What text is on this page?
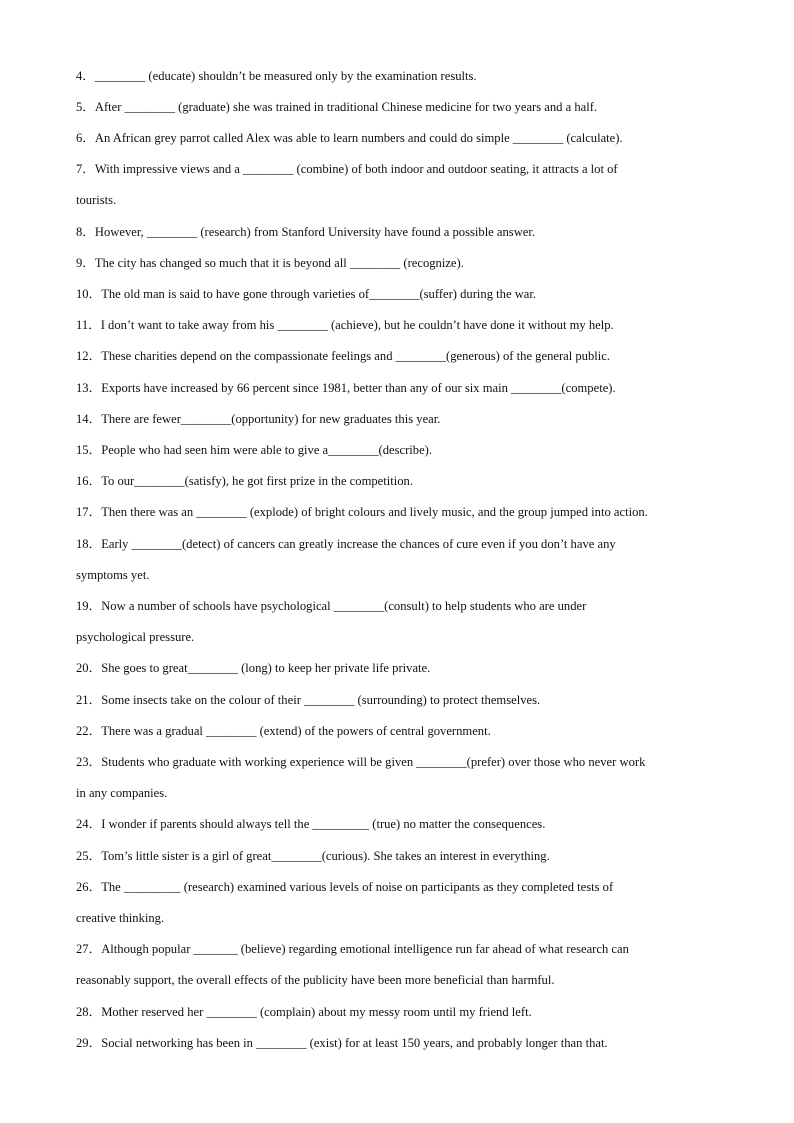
4．________ (educate) shouldn’t be measured only by the examination results.
5．After ________ (graduate) she was trained in traditional Chinese medicine for two years and a half.
6．An African grey parrot called Alex was able to learn numbers and could do simple ________ (calculate).
7．With impressive views and a ________ (combine) of both indoor and outdoor seating, it attracts a lot of
tourists.
8．However, ________ (research) from Stanford University have found a possible answer.
9．The city has changed so much that it is beyond all ________ (recognize).
10．The old man is said to have gone through varieties of________(suffer) during the war.
11．I don’t want to take away from his ________ (achieve), but he couldn’t have done it without my help.
12．These charities depend on the compassionate feelings and ________(generous) of the general public.
13．Exports have increased by 66 percent since 1981, better than any of our six main ________(compete).
14．There are fewer________(opportunity) for new graduates this year.
15．People who had seen him were able to give a________(describe).
16．To our________(satisfy), he got first prize in the competition.
17．Then there was an ________ (explode) of bright colours and lively music, and the group jumped into action.
18．Early ________(detect) of cancers can greatly increase the chances of cure even if you don’t have any
symptoms yet.
19．Now a number of schools have psychological ________(consult) to help students who are under
psychological pressure.
20．She goes to great________ (long) to keep her private life private.
21．Some insects take on the colour of their ________ (surrounding) to protect themselves.
22．There was a gradual ________ (extend) of the powers of central government.
23．Students who graduate with working experience will be given ________(prefer) over those who never work
in any companies.
24．I wonder if parents should always tell the _________ (true) no matter the consequences.
25．Tom’s little sister is a girl of great________(curious). She takes an interest in everything.
26．The _________ (research) examined various levels of noise on participants as they completed tests of
creative thinking.
27．Although popular _______ (believe) regarding emotional intelligence run far ahead of what research can
reasonably support, the overall effects of the publicity have been more beneficial than harmful.
28．Mother reserved her ________ (complain) about my messy room until my friend left.
29．Social networking has been in ________ (exist) for at least 150 years, and probably longer than that.
